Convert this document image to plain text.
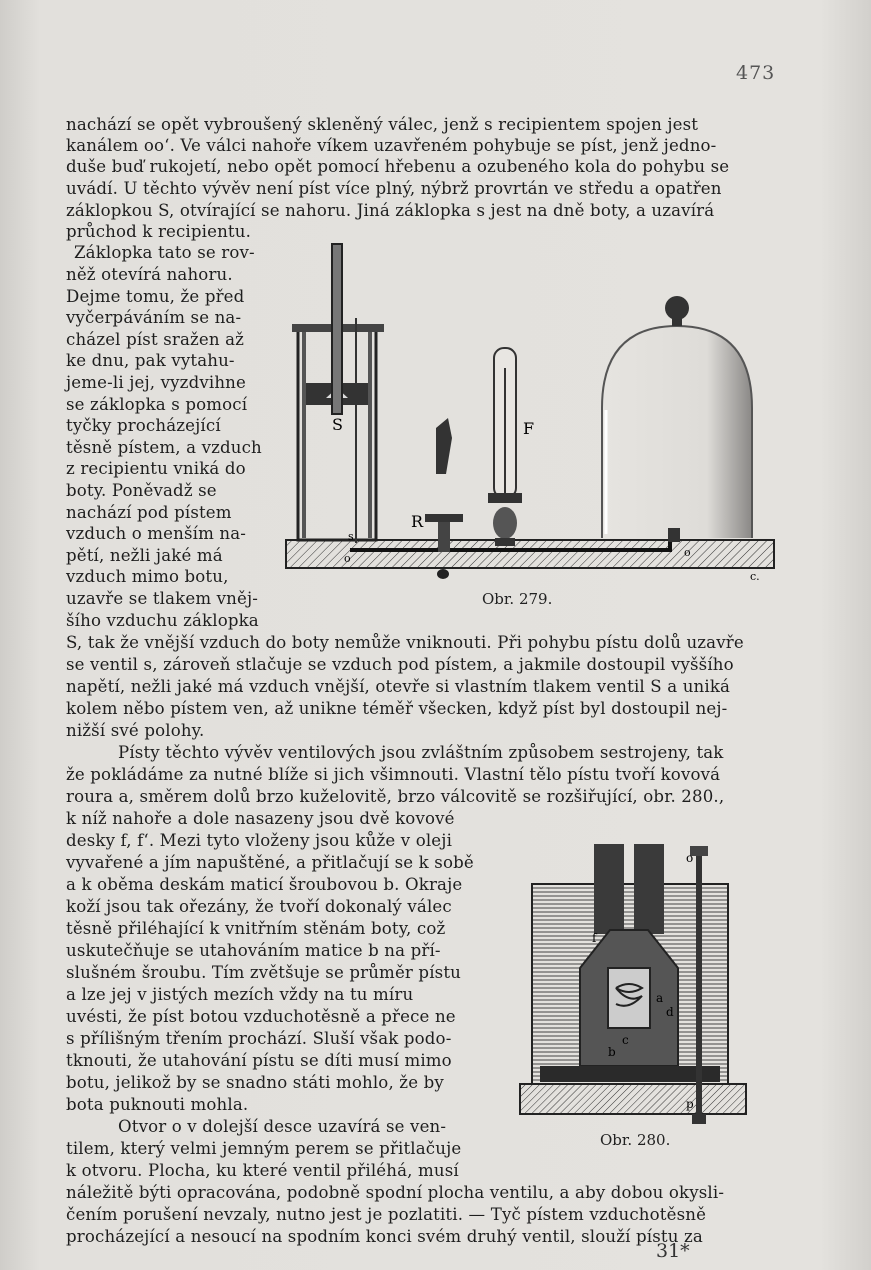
473
nachází se opět vybroušený skleněný válec, jenž s recipientem spojen jest
kanálem oo‘. Ve válci nahoře víkem uzavřeném pohybuje se píst, jenž jedno-
duše buď rukojetí, nebo opět pomocí hřebenu a ozubeného kola do pohybu se
uvádí. U těchto vývěv není píst více plný, nýbrž provrtán ve středu a opatřen
záklopkou S, otvírající se nahoru. Jiná záklopka s jest na dně boty, a uzavírá
průchod k recipientu.
Záklopka tato se rov-
něž otevírá nahoru.
Dejme tomu, že před
vyčerpáváním se na-
cházel píst sražen až
ke dnu, pak vytahu-
jeme-li jej, vyzdvihne
se záklopka s pomocí
tyčky procházející
těsně pístem, a vzduch
z recipientu vniká do
boty. Poněvadž se
nachází pod pístem
vzduch o menším na-
pětí, nežli jaké má
vzduch mimo botu,
uzavře se tlakem vněj-
šího vzduchu záklopka
S, tak že vnější vzduch do boty nemůže vniknouti. Při pohybu pístu dolů uzavře
se ventil s, zároveň stlačuje se vzduch pod pístem, a jakmile dostoupil vyššího
napětí, nežli jaké má vzduch vnější, otevře si vlastním tlakem ventil S a uniká
kolem něbo pístem ven, až unikne téměř všecken, když píst byl dostoupil nej-
nižší své polohy.
Písty těchto vývěv ventilových jsou zvláštním způsobem sestrojeny, tak
že pokládáme za nutné blíže si jich všimnouti. Vlastní tělo pístu tvoří kovová
roura a, směrem dolů brzo kuželovitě, brzo válcovitě se rozšiřující, obr. 280.,
k níž nahoře a dole nasazeny jsou dvě kovové
desky f, f‘. Mezi tyto vloženy jsou kůže v oleji
vyvařené a jím napuštěné, a přitlačují se k sobě
a k oběma deskám maticí šroubovou b. Okraje
koží jsou tak ořezány, že tvoří dokonalý válec
těsně přiléhající k vnitřním stěnám boty, což
uskutečňuje se utahováním matice b na pří-
slušném šroubu. Tím zvětšuje se průměr pístu
a lze jej v jistých mezích vždy na tu míru
uvésti, že píst botou vzduchotěsně a přece ne
s přílišným třením prochází. Sluší však podo-
tknouti, že utahování pístu se díti musí mimo
botu, jelikož by se snadno státi mohlo, že by
bota puknouti mohla.
Otvor o v dolejší desce uzavírá se ven-
tilem, který velmi jemným perem se přitlačuje
k otvoru. Plocha, ku které ventil přiléhá, musí
náležitě býti opracována, podobně spodní plocha ventilu, a aby dobou okysli-
čením porušení nevzaly, nutno jest je pozlatiti. — Tyč pístem vzduchotěsně
procházející a nesoucí na spodním konci svém druhý ventil, slouží pístu za
S	F
R
o	o
s
c.
Obr. 279.
o
f
a
d
b
c
p
Obr. 280.
31*
